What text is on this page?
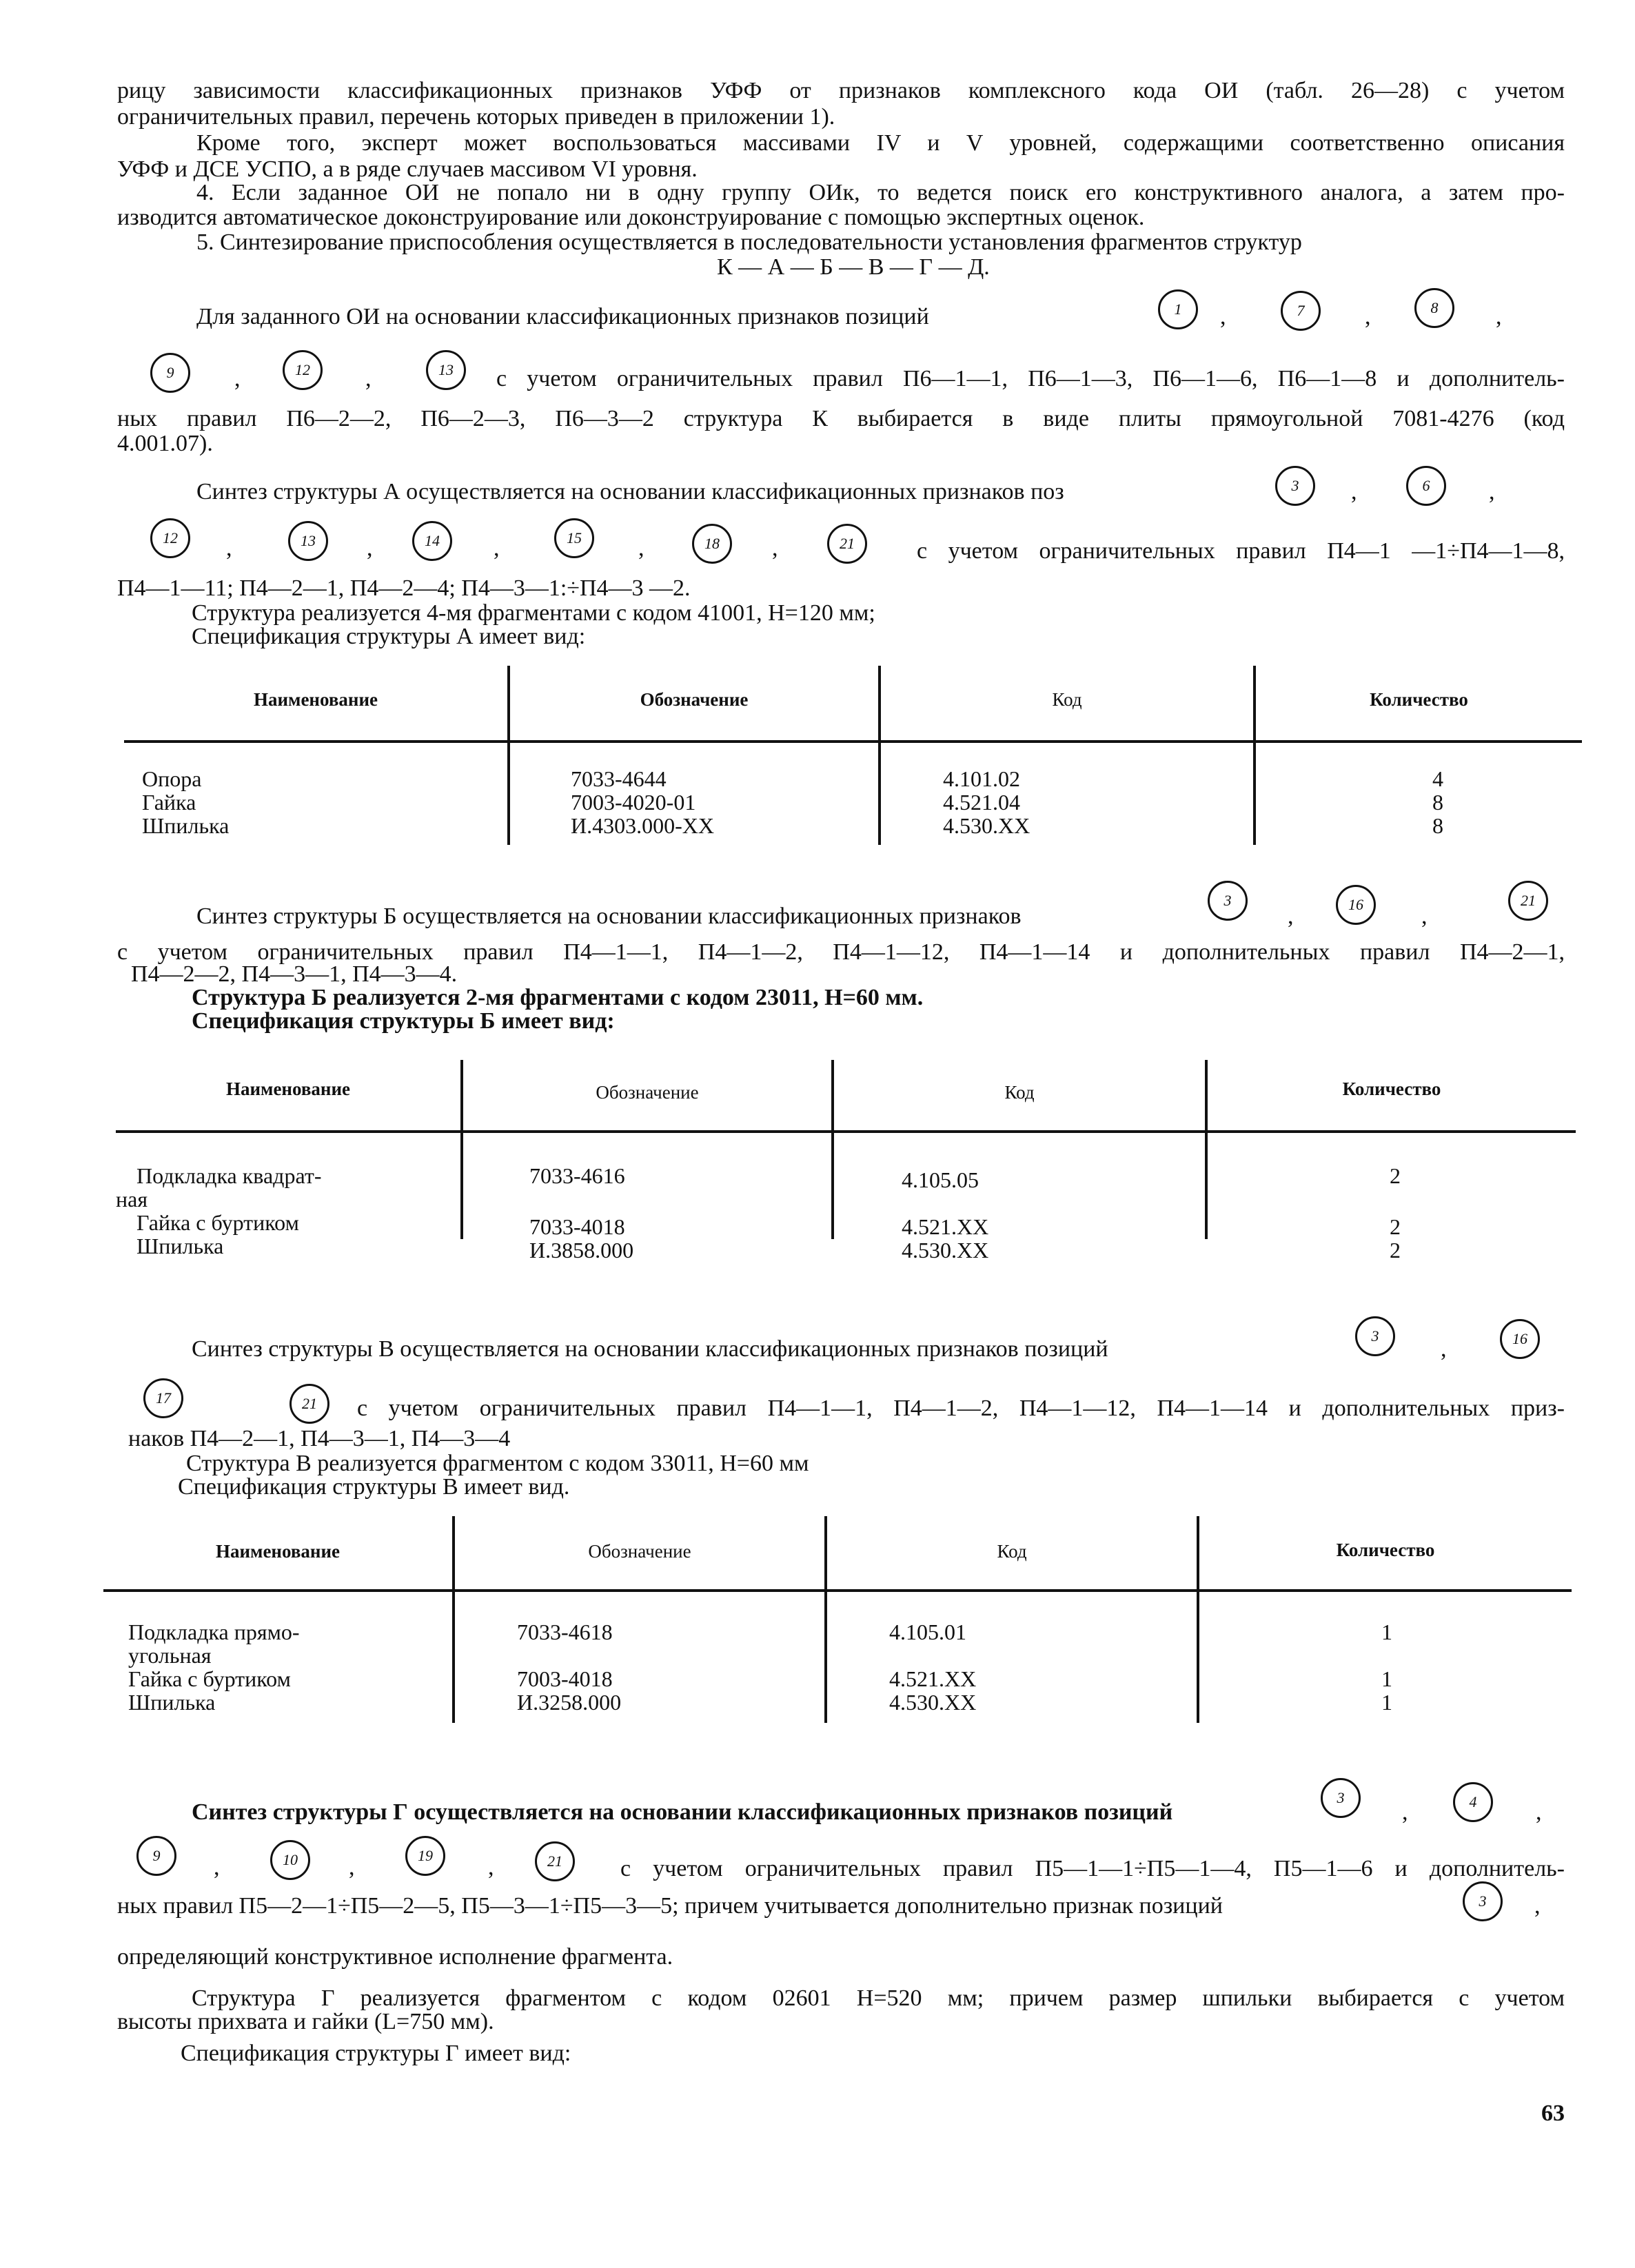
рицу зависимости классификационных признаков УФФ от признаков комплексного кода ОИ (табл. 26—28) с учетом
ограничительных правил, перечень которых приведен в приложении 1).
Кроме того, эксперт может воспользоваться массивами IV и V уровней, содержащими соответственно описания
УФФ и ДСЕ УСПО, а в ряде случаев массивом VI уровня.
4. Если заданное ОИ не попало ни в одну группу ОИк, то ведется поиск его конструктивного аналога, а затем про-
изводится автоматическое доконструирование или доконструирование с помощью экспертных оценок.
5. Синтезирование приспособления осуществляется в последовательности установления фрагментов структур
К — А — Б — В — Г — Д.
Для заданного ОИ на основании классификационных признаков позиций	1	,	7	,	8	,
9	,	12	,	13	с учетом ограничительных правил П6—1—1, П6—1—3, П6—1—6, П6—1—8 и дополнитель-
ных правил П6—2—2, П6—2—3, П6—3—2 структура К выбирается в виде плиты прямоугольной 7081-4276 (код
4.001.07).
Синтез структуры А осуществляется на основании классификационных признаков поз	3	,	6	,
12	,	13	,	14	,	15	,	18	,	21	с учетом ограничительных правил П4—1 —1÷П4—1—8,
П4—1—11; П4—2—1, П4—2—4; П4—3—1:÷П4—3 —2.
Структура реализуется 4-мя фрагментами с кодом 41001, H=120 мм;
Спецификация структуры А имеет вид:
Наименование	Обозначение	Код	Количество
Опора	7033-4644	4.101.02	4
Гайка	7003-4020-01	4.521.04	8
Шпилька	И.4303.000-XX	4.530.XX	8
Синтез структуры Б осуществляется на основании классификационных признаков
3
,	16	,
21
с учетом ограничительных правил П4—1—1, П4—1—2, П4—1—12, П4—1—14 и дополнительных правил П4—2—1,
П4—2—2, П4—3—1, П4—3—4.
Структура Б реализуется 2-мя фрагментами с кодом 23011, H=60 мм.
Спецификация структуры Б имеет вид:
Наименование	Обозначение	Код	Количество
Подкладка квадрат-	7033-4616	4.105.05	2
ная
Гайка с буртиком	7033-4018	4.521.XX	2
Шпилька	И.3858.000	4.530.XX	2
Синтез структуры В осуществляется на основании классификационных признаков позиций
3
,	16
17	21	с учетом ограничительных правил П4—1—1, П4—1—2, П4—1—12, П4—1—14 и дополнительных приз-
наков П4—2—1, П4—3—1, П4—3—4
Структура В реализуется фрагментом с кодом 33011, H=60 мм
Спецификация структуры В имеет вид.
Наименование	Обозначение	Код	Количество
Подкладка прямо-	7033-4618	4.105.01	1
угольная
Гайка с буртиком	7003-4018	4.521.XX	1
Шпилька	И.3258.000	4.530.XX	1
Синтез структуры Г осуществляется на основании классификационных признаков позиций
3
,	4	,
9	,	10	,	19	,	21	с учетом ограничительных правил П5—1—1÷П5—1—4, П5—1—6 и дополнитель-
ных правил П5—2—1÷П5—2—5, П5—3—1÷П5—3—5; причем учитывается дополнительно признак позиций	3	,
определяющий конструктивное исполнение фрагмента.
Структура Г реализуется фрагментом с кодом 02601 H=520 мм; причем размер шпильки выбирается с учетом
высоты прихвата и гайки (L=750 мм).
Спецификация структуры Г имеет вид:
63
